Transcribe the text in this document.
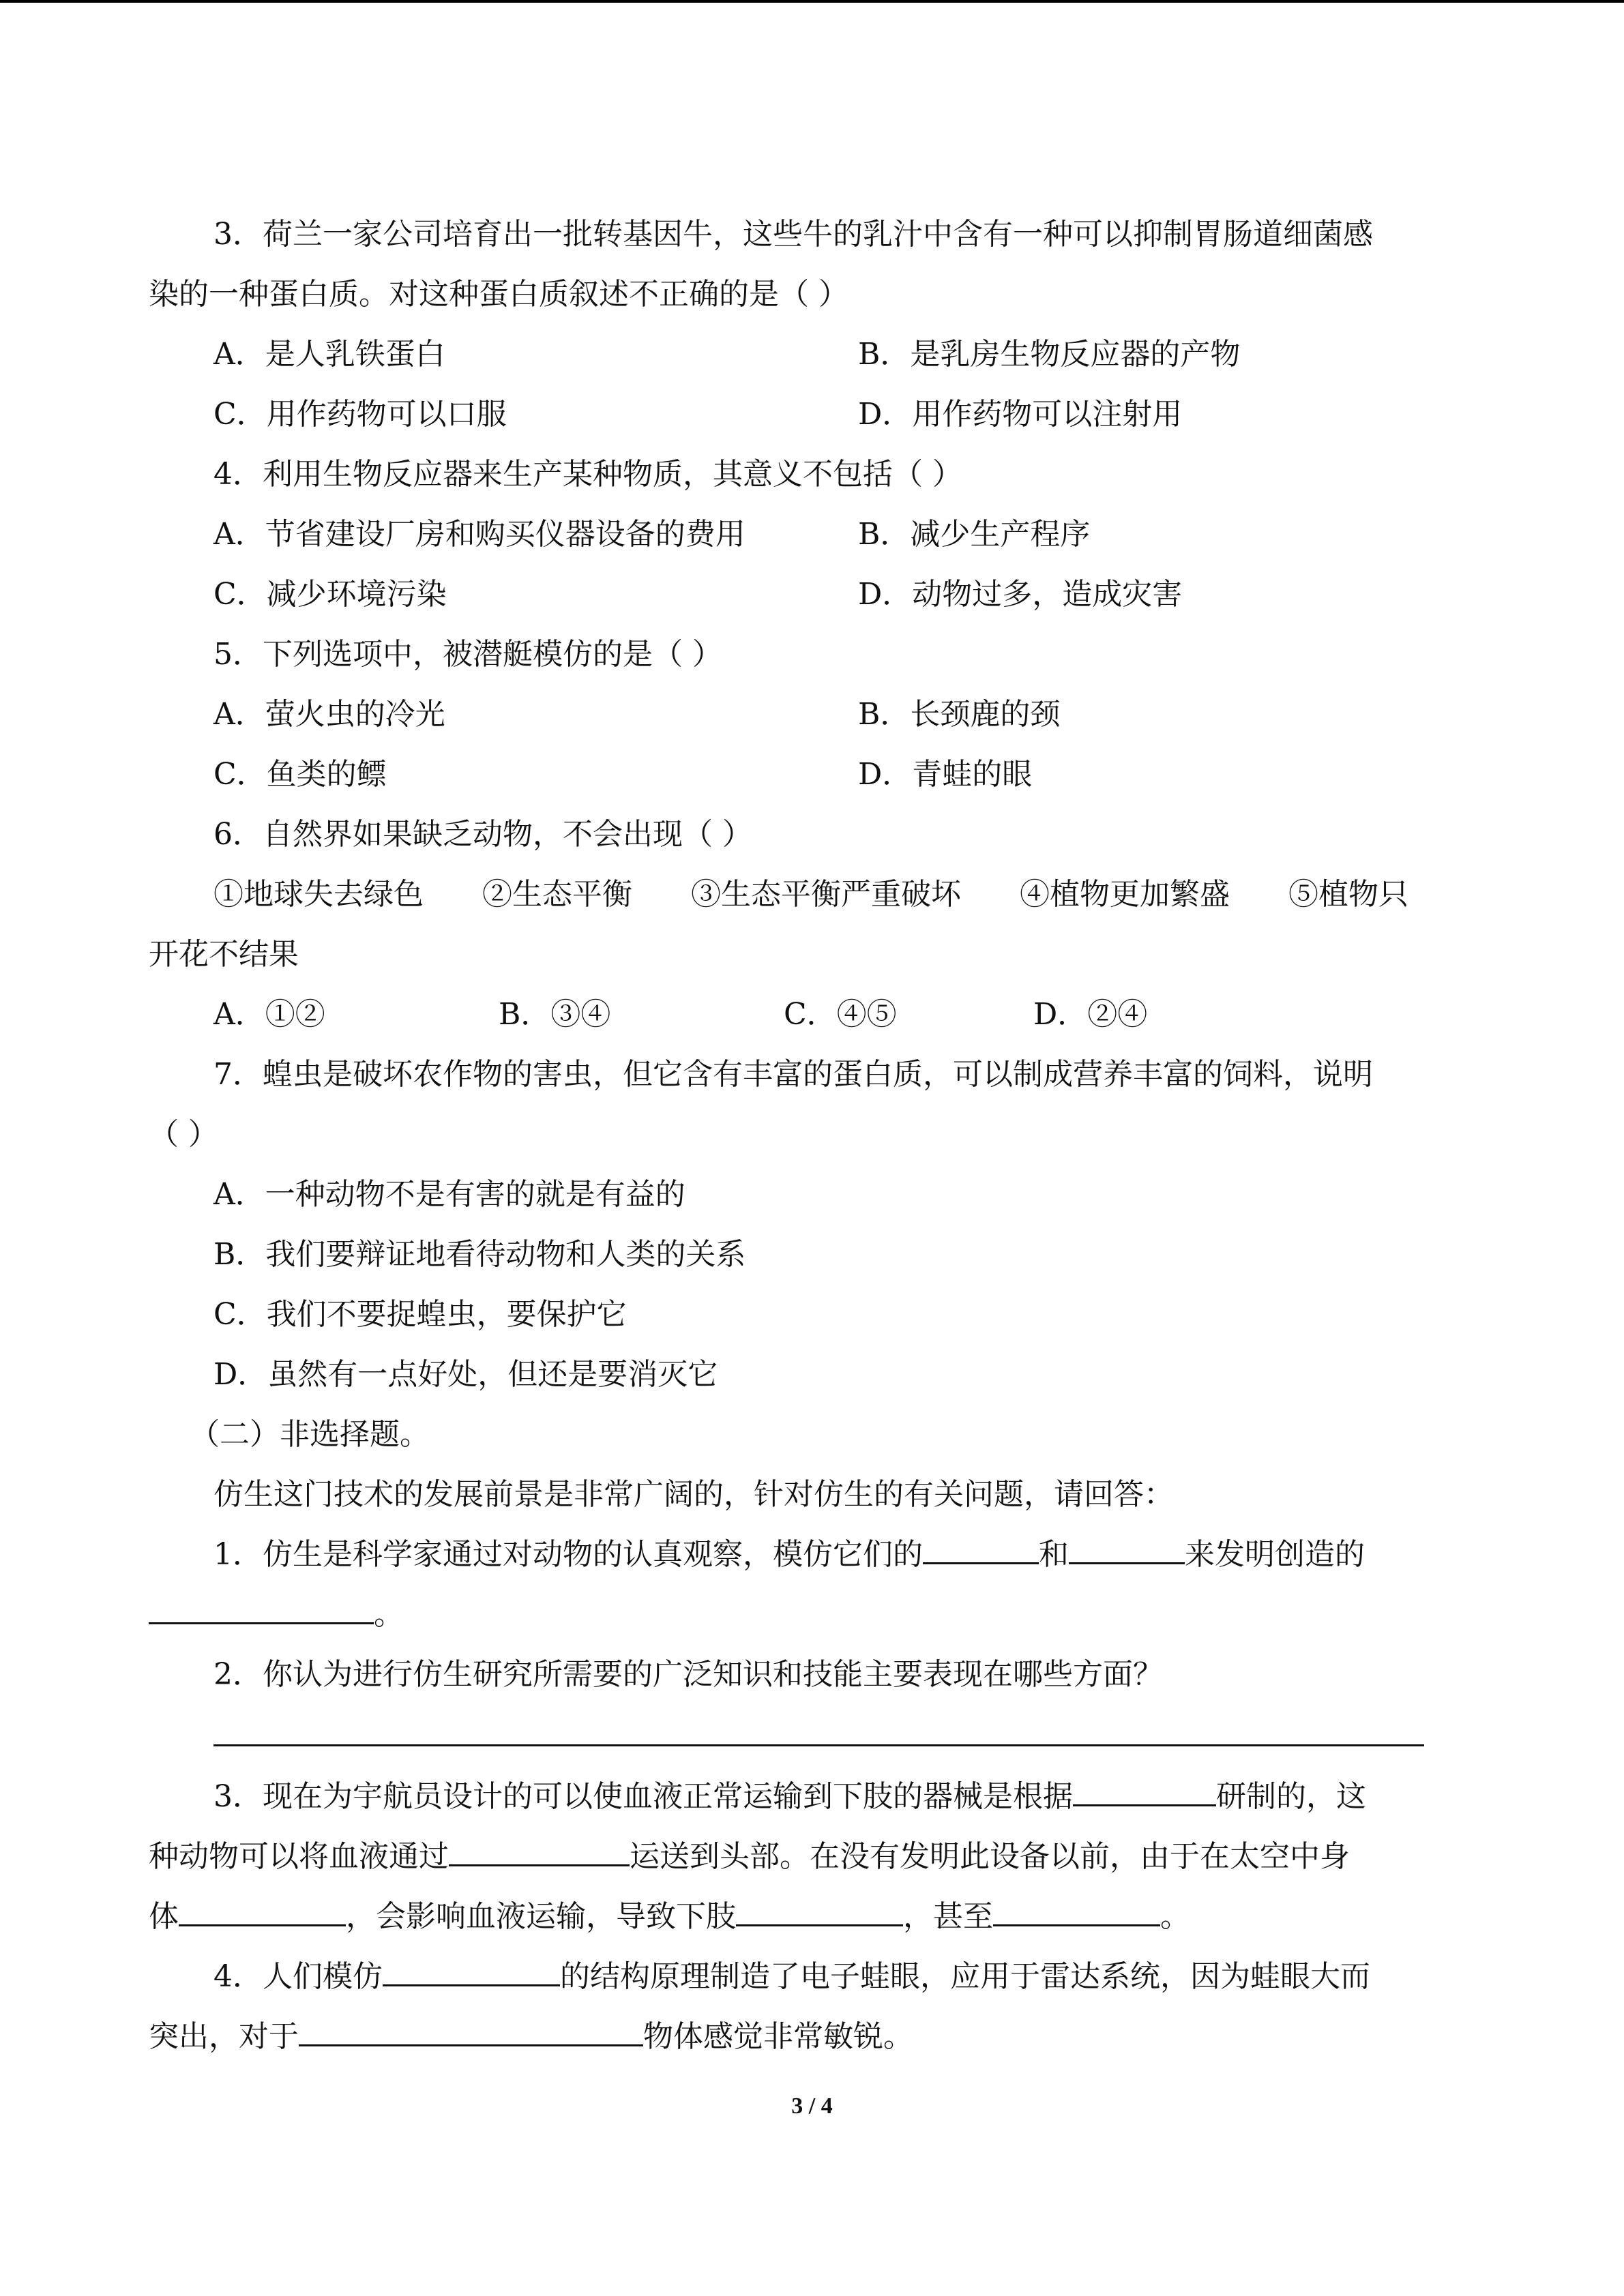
3．荷兰一家公司培育出一批转基因牛，这些牛的乳汁中含有一种可以抑制胃肠道细菌感

染的一种蛋白质。对这种蛋白质叙述不正确的是（ ）

A．是人乳铁蛋白	B．是乳房生物反应器的产物
C．用作药物可以口服	D．用作药物可以注射用

4．利用生物反应器来生产某种物质，其意义不包括（ ）

A．节省建设厂房和购买仪器设备的费用	B．减少生产程序
C．减少环境污染	D．动物过多，造成灾害

5．下列选项中，被潜艇模仿的是（ ）

A．萤火虫的冷光	B．长颈鹿的颈
C．鱼类的鳔	D．青蛙的眼

6．自然界如果缺乏动物，不会出现（ ）

①地球失去绿色 ②生态平衡 ③生态平衡严重破坏 ④植物更加繁盛 ⑤植物只

开花不结果

A．①②	B．③④	C．④⑤	D．②④

7．蝗虫是破坏农作物的害虫，但它含有丰富的蛋白质，可以制成营养丰富的饲料，说明

（ ）

A．一种动物不是有害的就是有益的

B．我们要辩证地看待动物和人类的关系

C．我们不要捉蝗虫，要保护它

D．虽然有一点好处，但还是要消灭它

（二）非选择题。

仿生这门技术的发展前景是非常广阔的，针对仿生的有关问题，请回答：

1．仿生是科学家通过对动物的认真观察，模仿它们的	和	来发明创造的

。

2．你认为进行仿生研究所需要的广泛知识和技能主要表现在哪些方面？

3．现在为宇航员设计的可以使血液正常运输到下肢的器械是根据	研制的，这

种动物可以将血液通过	运送到头部。在没有发明此设备以前，由于在太空中身

体	，会影响血液运输，导致下肢	，甚至	。

4．人们模仿	的结构原理制造了电子蛙眼，应用于雷达系统，因为蛙眼大而

突出，对于	物体感觉非常敏锐。

3 / 4
